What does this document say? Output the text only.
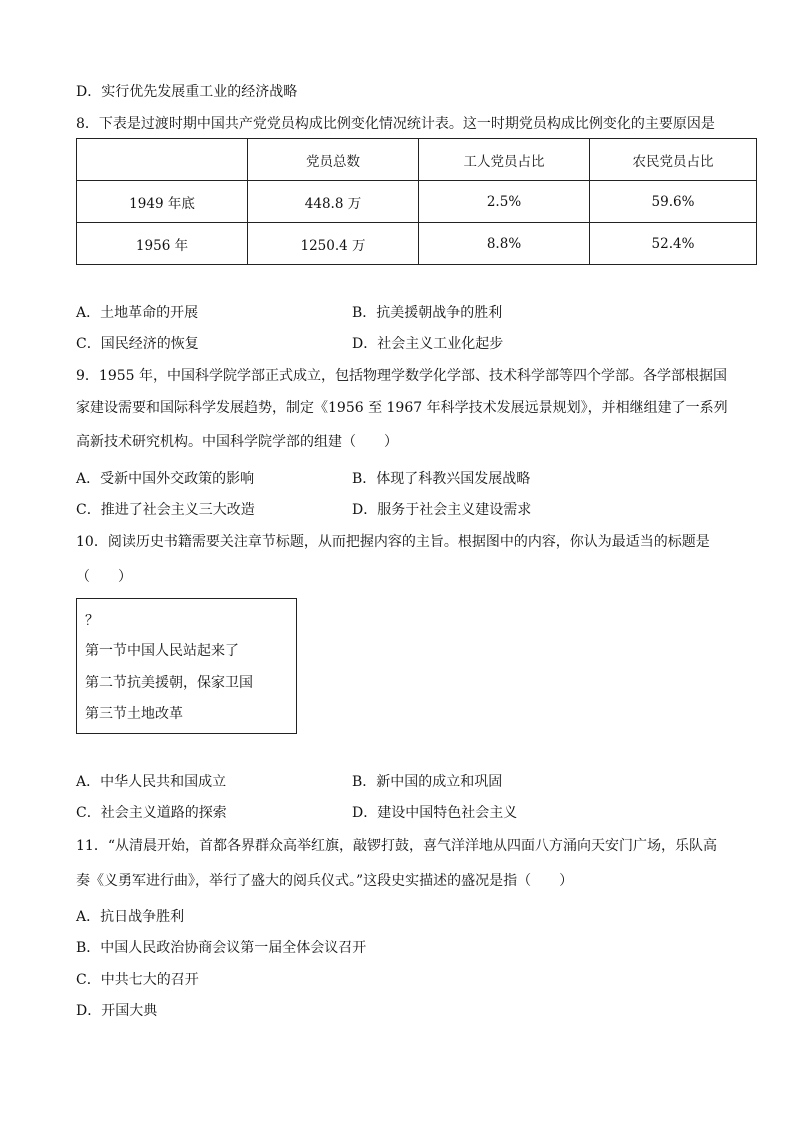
D．实行优先发展重工业的经济战略
8．下表是过渡时期中国共产党党员构成比例变化情况统计表。这一时期党员构成比例变化的主要原因是
	党员总数	工人党员占比	农民党员占比
1949 年底	448.8 万	2.5%	59.6%
1956 年	1250.4 万	8.8%	52.4%
A．土地革命的开展	B．抗美援朝战争的胜利
C．国民经济的恢复	D．社会主义工业化起步
9．1955 年，中国科学院学部正式成立，包括物理学数学化学部、技术科学部等四个学部。各学部根据国
家建设需要和国际科学发展趋势，制定《1956 至 1967 年科学技术发展远景规划》，并相继组建了一系列
高新技术研究机构。中国科学院学部的组建（　　）
A．受新中国外交政策的影响	B．体现了科教兴国发展战略
C．推进了社会主义三大改造	D．服务于社会主义建设需求
10．阅读历史书籍需要关注章节标题，从而把握内容的主旨。根据图中的内容，你认为最适当的标题是
（　　）
？
第一节中国人民站起来了
第二节抗美援朝，保家卫国
第三节土地改革
A．中华人民共和国成立	B．新中国的成立和巩固
C．社会主义道路的探索	D．建设中国特色社会主义
11．“从清晨开始，首都各界群众高举红旗，敲锣打鼓，喜气洋洋地从四面八方涌向天安门广场，乐队高
奏《义勇军进行曲》，举行了盛大的阅兵仪式。”这段史实描述的盛况是指（　　）
A．抗日战争胜利
B．中国人民政治协商会议第一届全体会议召开
C．中共七大的召开
D．开国大典
